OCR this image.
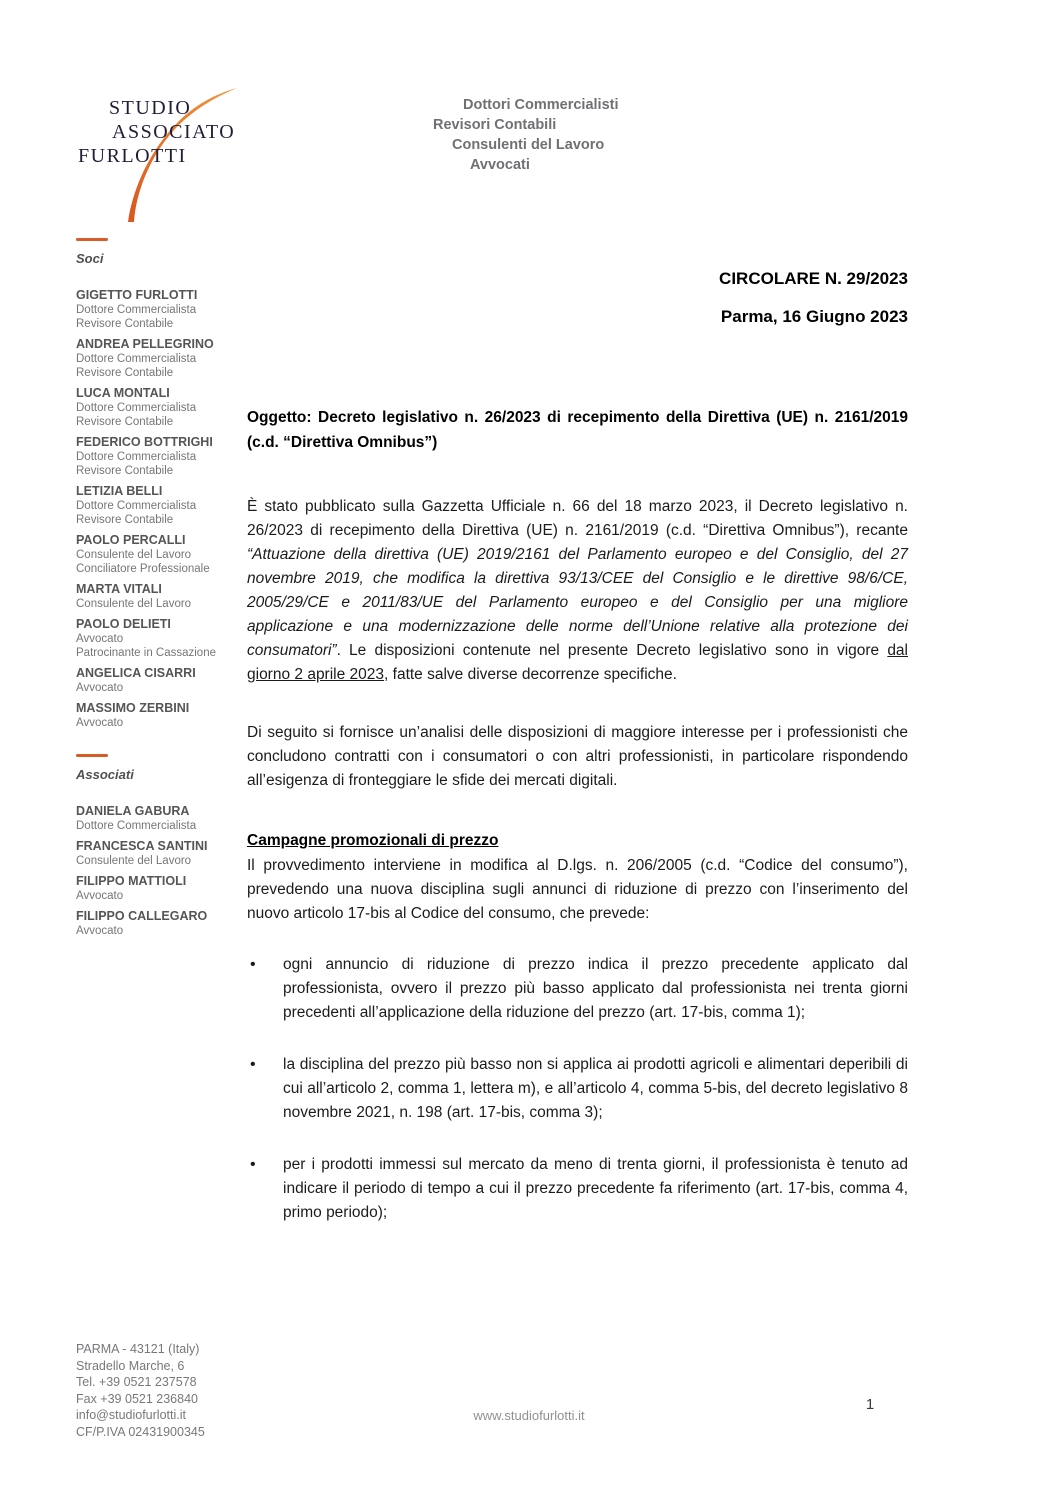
STUDIO
ASSOCIATO
FURLOTTI
Dottori Commercialisti
Revisori Contabili
Consulenti del Lavoro
Avvocati
Soci
GIGETTO FURLOTTI
Dottore Commercialista
Revisore Contabile
ANDREA PELLEGRINO
Dottore Commercialista
Revisore Contabile
LUCA MONTALI
Dottore Commercialista
Revisore Contabile
FEDERICO BOTTRIGHI
Dottore Commercialista
Revisore Contabile
LETIZIA BELLI
Dottore Commercialista
Revisore Contabile
PAOLO PERCALLI
Consulente del Lavoro
Conciliatore Professionale
MARTA VITALI
Consulente del Lavoro
PAOLO DELIETI
Avvocato
Patrocinante in Cassazione
ANGELICA CISARRI
Avvocato
MASSIMO ZERBINI
Avvocato
Associati
DANIELA GABURA
Dottore Commercialista
FRANCESCA SANTINI
Consulente del Lavoro
FILIPPO MATTIOLI
Avvocato
FILIPPO CALLEGARO
Avvocato
CIRCOLARE N. 29/2023
Parma, 16 Giugno 2023
Oggetto: Decreto legislativo n. 26/2023 di recepimento della Direttiva (UE) n. 2161/2019 (c.d. “Direttiva Omnibus”)
È stato pubblicato sulla Gazzetta Ufficiale n. 66 del 18 marzo 2023, il Decreto legislativo n. 26/2023 di recepimento della Direttiva (UE) n. 2161/2019 (c.d. “Direttiva Omnibus”), recante “Attuazione della direttiva (UE) 2019/2161 del Parlamento europeo e del Consiglio, del 27 novembre 2019, che modifica la direttiva 93/13/CEE del Consiglio e le direttive 98/6/CE, 2005/29/CE e 2011/83/UE del Parlamento europeo e del Consiglio per una migliore applicazione e una modernizzazione delle norme dell’Unione relative alla protezione dei consumatori”. Le disposizioni contenute nel presente Decreto legislativo sono in vigore dal giorno 2 aprile 2023, fatte salve diverse decorrenze specifiche.
Di seguito si fornisce un’analisi delle disposizioni di maggiore interesse per i professionisti che concludono contratti con i consumatori o con altri professionisti, in particolare rispondendo all’esigenza di fronteggiare le sfide dei mercati digitali.
Campagne promozionali di prezzo
Il provvedimento interviene in modifica al D.lgs. n. 206/2005 (c.d. “Codice del consumo”), prevedendo una nuova disciplina sugli annunci di riduzione di prezzo con l’inserimento del nuovo articolo 17-bis al Codice del consumo, che prevede:
• ogni annuncio di riduzione di prezzo indica il prezzo precedente applicato dal professionista, ovvero il prezzo più basso applicato dal professionista nei trenta giorni precedenti all’applicazione della riduzione del prezzo (art. 17-bis, comma 1);
• la disciplina del prezzo più basso non si applica ai prodotti agricoli e alimentari deperibili di cui all’articolo 2, comma 1, lettera m), e all’articolo 4, comma 5-bis, del decreto legislativo 8 novembre 2021, n. 198 (art. 17-bis, comma 3);
• per i prodotti immessi sul mercato da meno di trenta giorni, il professionista è tenuto ad indicare il periodo di tempo a cui il prezzo precedente fa riferimento (art. 17-bis, comma 4, primo periodo);
PARMA - 43121 (Italy)
Stradello Marche, 6
Tel. +39 0521 237578
Fax +39 0521 236840
info@studiofurlotti.it
CF/P.IVA 02431900345
www.studiofurlotti.it
1
